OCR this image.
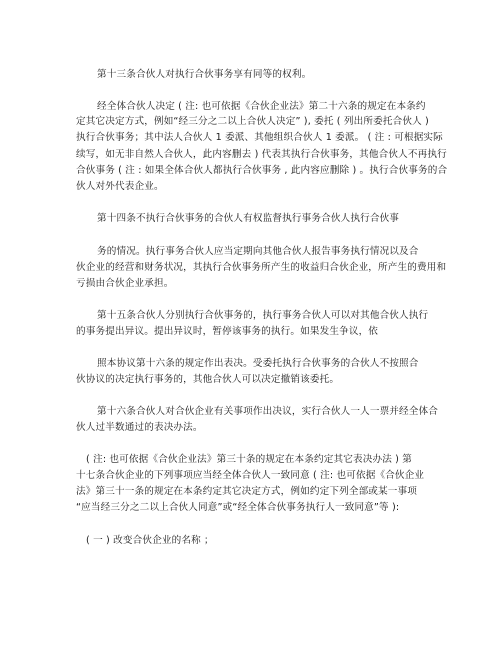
第十三条合伙人对执行合伙事务享有同等的权利。
经全体合伙人决定 ( 注: 也可依据《合伙企业法》第二十六条的规定在本条约
定其它决定方式，例如“经三分之二以上合伙人决定” ), 委托 ( 列出所委托合伙人 )
执行合伙事务；其中法人合伙人 1 委派、其他组织合伙人 1 委派。 ( 注 : 可根据实际
续写，如无非自然人合伙人，此内容删去 ) 代表其执行合伙事务，其他合伙人不再执行
合伙事务 ( 注 : 如果全体合伙人都执行合伙事务 , 此内容应删除 ) 。执行合伙事务的合
伙人对外代表企业。
第十四条不执行合伙事务的合伙人有权监督执行事务合伙人执行合伙事
务的情况。执行事务合伙人应当定期向其他合伙人报告事务执行情况以及合
伙企业的经营和财务状况，其执行合伙事务所产生的收益归合伙企业，所产生的费用和
亏损由合伙企业承担。
第十五条合伙人分别执行合伙事务的，执行事务合伙人可以对其他合伙人执行
的事务提出异议。提出异议时，暂停该事务的执行。如果发生争议，依
照本协议第十六条的规定作出表决。受委托执行合伙事务的合伙人不按照合
伙协议的决定执行事务的，其他合伙人可以决定撤销该委托。
第十六条合伙人对合伙企业有关事项作出决议，实行合伙人一人一票并经全体合
伙人过半数通过的表决办法。
( 注: 也可依据《合伙企业法》第三十条的规定在本条约定其它表决办法 ) 第
十七条合伙企业的下列事项应当经全体合伙人一致同意 ( 注: 也可依据《合伙企业
法》第三十一条的规定在本条约定其它决定方式，例如约定下列全部或某一事项
“应当经三分之二以上合伙人同意”或“经全体合伙事务执行人一致同意”等 ):
( 一 ) 改变合伙企业的名称 ；
